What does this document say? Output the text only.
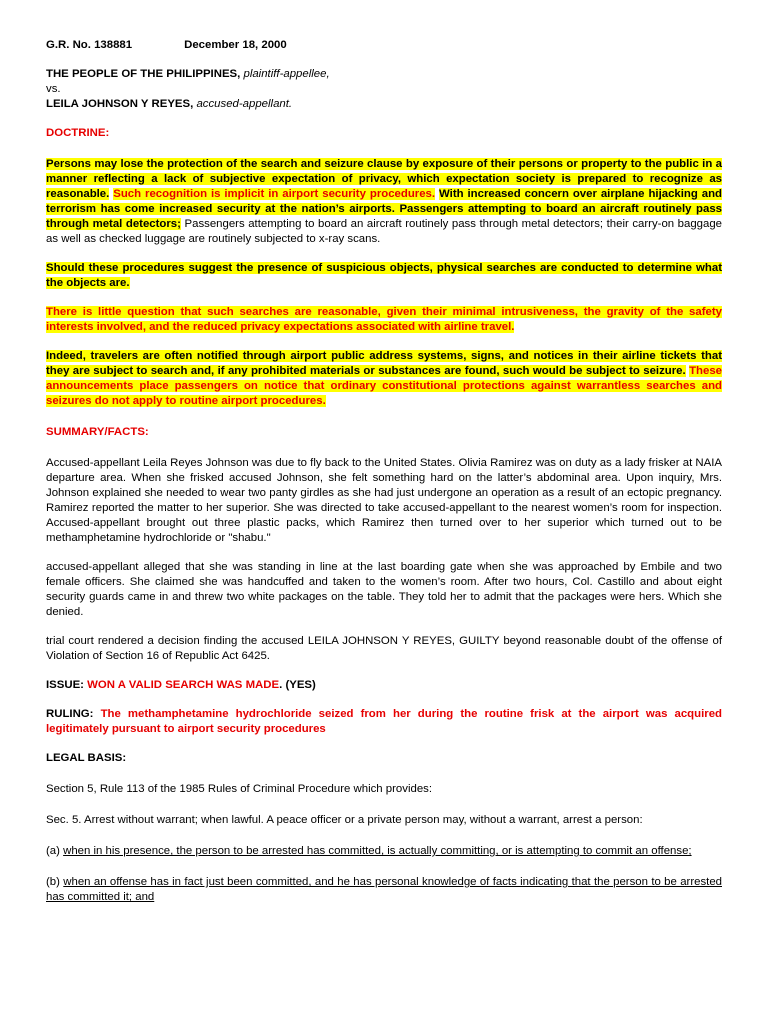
G.R. No. 138881	December 18, 2000

THE PEOPLE OF THE PHILIPPINES, plaintiff-appellee,

vs.

LEILA JOHNSON Y REYES, accused-appellant.

DOCTRINE:

Persons may lose the protection of the search and seizure clause by exposure of their persons or property to the public in a manner reflecting a lack of subjective expectation of privacy, which expectation society is prepared to recognize as reasonable. Such recognition is implicit in airport security procedures. With increased concern over airplane hijacking and terrorism has come increased security at the nation’s airports. Passengers attempting to board an aircraft routinely pass through metal detectors; Passengers attempting to board an aircraft routinely pass through metal detectors; their carry-on baggage as well as checked luggage are routinely subjected to x-ray scans.

Should these procedures suggest the presence of suspicious objects, physical searches are conducted to determine what the objects are.

There is little question that such searches are reasonable, given their minimal intrusiveness, the gravity of the safety interests involved, and the reduced privacy expectations associated with airline travel.

Indeed, travelers are often notified through airport public address systems, signs, and notices in their airline tickets that they are subject to search and, if any prohibited materials or substances are found, such would be subject to seizure. These announcements place passengers on notice that ordinary constitutional protections against warrantless searches and seizures do not apply to routine airport procedures.

SUMMARY/FACTS:

Accused-appellant Leila Reyes Johnson was due to fly back to the United States. Olivia Ramirez was on duty as a lady frisker at NAIA departure area. When she frisked accused Johnson, she felt something hard on the latter’s abdominal area. Upon inquiry, Mrs. Johnson explained she needed to wear two panty girdles as she had just undergone an operation as a result of an ectopic pregnancy. Ramirez reported the matter to her superior. She was directed to take accused-appellant to the nearest women’s room for inspection. Accused-appellant brought out three plastic packs, which Ramirez then turned over to her superior which turned out to be methamphetamine hydrochloride or "shabu."

accused-appellant alleged that she was standing in line at the last boarding gate when she was approached by Embile and two female officers. She claimed she was handcuffed and taken to the women’s room. After two hours, Col. Castillo and about eight security guards came in and threw two white packages on the table. They told her to admit that the packages were hers. Which she denied.

trial court rendered a decision finding the accused LEILA JOHNSON Y REYES, GUILTY beyond reasonable doubt of the offense of Violation of Section 16 of Republic Act 6425.

ISSUE: WON A VALID SEARCH WAS MADE. (YES)

RULING: The methamphetamine hydrochloride seized from her during the routine frisk at the airport was acquired legitimately pursuant to airport security procedures

LEGAL BASIS:

Section 5, Rule 113 of the 1985 Rules of Criminal Procedure which provides:

Sec. 5. Arrest without warrant; when lawful. A peace officer or a private person may, without a warrant, arrest a person:

(a) when in his presence, the person to be arrested has committed, is actually committing, or is attempting to commit an offense;

(b) when an offense has in fact just been committed, and he has personal knowledge of facts indicating that the person to be arrested has committed it; and
